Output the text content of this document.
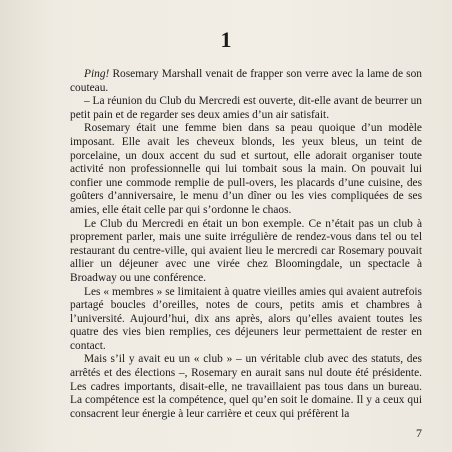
1

Ping! Rosemary Marshall venait de frapper son verre avec la lame de son couteau.

– La réunion du Club du Mercredi est ouverte, dit-elle avant de beurrer un petit pain et de regarder ses deux amies d’un air satisfait.

Rosemary était une femme bien dans sa peau quoique d’un modèle imposant. Elle avait les cheveux blonds, les yeux bleus, un teint de porcelaine, un doux accent du sud et surtout, elle adorait organiser toute activité non professionnelle qui lui tombait sous la main. On pouvait lui confier une commode remplie de pull-overs, les placards d’une cuisine, des goûters d’anniversaire, le menu d’un dîner ou les vies compliquées de ses amies, elle était celle par qui s’ordonne le chaos.

Le Club du Mercredi en était un bon exemple. Ce n’était pas un club à proprement parler, mais une suite irrégulière de rendez-vous dans tel ou tel restaurant du centre-ville, qui avaient lieu le mercredi car Rosemary pouvait allier un déjeuner avec une virée chez Bloomingdale, un spectacle à Broadway ou une conférence.

Les « membres » se limitaient à quatre vieilles amies qui avaient autrefois partagé boucles d’oreilles, notes de cours, petits amis et chambres à l’université. Aujourd’hui, dix ans après, alors qu’elles avaient toutes les quatre des vies bien remplies, ces déjeuners leur permettaient de rester en contact.

Mais s’il y avait eu un « club » – un véritable club avec des statuts, des arrêtés et des élections –, Rosemary en aurait sans nul doute été présidente. Les cadres importants, disait-elle, ne travaillaient pas tous dans un bureau. La compétence est la compétence, quel qu’en soit le domaine. Il y a ceux qui consacrent leur énergie à leur carrière et ceux qui préfèrent la

7
